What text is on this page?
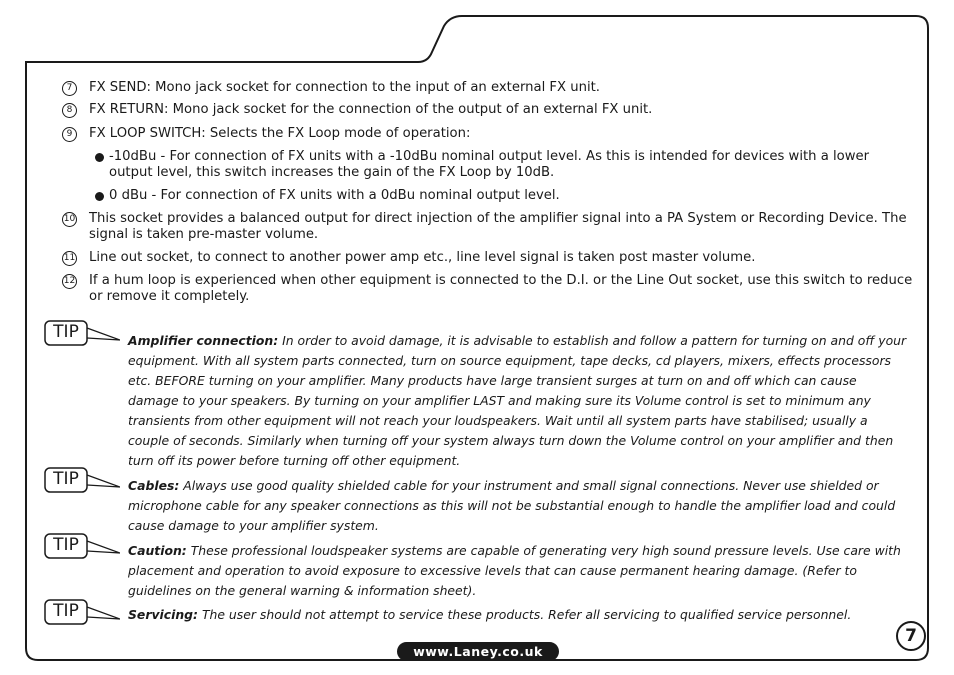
7	FX SEND: Mono jack socket for connection to the input of an external FX unit.
8	FX RETURN: Mono jack socket for the connection of the output of an external FX unit.
9	FX LOOP SWITCH: Selects the FX Loop mode of operation:
-10dBu - For connection of FX units with a -10dBu nominal output level. As this is intended for devices with a lower output level, this switch increases the gain of the FX Loop by 10dB.
0 dBu - For connection of FX units with a 0dBu nominal output level.
10	This socket provides a balanced output for direct injection of the amplifier signal into a PA System or Recording Device. The signal is taken pre-master volume.
11	Line out socket, to connect to another power amp etc., line level signal is taken post master volume.
12	If a hum loop is experienced when other equipment is connected to the D.I. or the Line Out socket, use this switch to reduce or remove it completely.
TIP
TIP
TIP
TIP
Amplifier connection: In order to avoid damage, it is advisable to establish and follow a pattern for turning on and off your equipment. With all system parts connected, turn on source equipment, tape decks, cd players, mixers, effects processors etc. BEFORE turning on your amplifier. Many products have large transient surges at turn on and off which can cause damage to your speakers. By turning on your amplifier LAST and making sure its Volume control is set to minimum any transients from other equipment will not reach your loudspeakers. Wait until all system parts have stabilised; usually a couple of seconds. Similarly when turning off your system always turn down the Volume control on your amplifier and then turn off its power before turning off other equipment.
Cables: Always use good quality shielded cable for your instrument and small signal connections. Never use shielded or microphone cable for any speaker connections as this will not be substantial enough to handle the amplifier load and could cause damage to your amplifier system.
Caution: These professional loudspeaker systems are capable of generating very high sound pressure levels. Use care with placement and operation to avoid exposure to excessive levels that can cause permanent hearing damage. (Refer to guidelines on the general warning & information sheet).
Servicing: The user should not attempt to service these products. Refer all servicing to qualified service personnel.
7
www.Laney.co.uk
